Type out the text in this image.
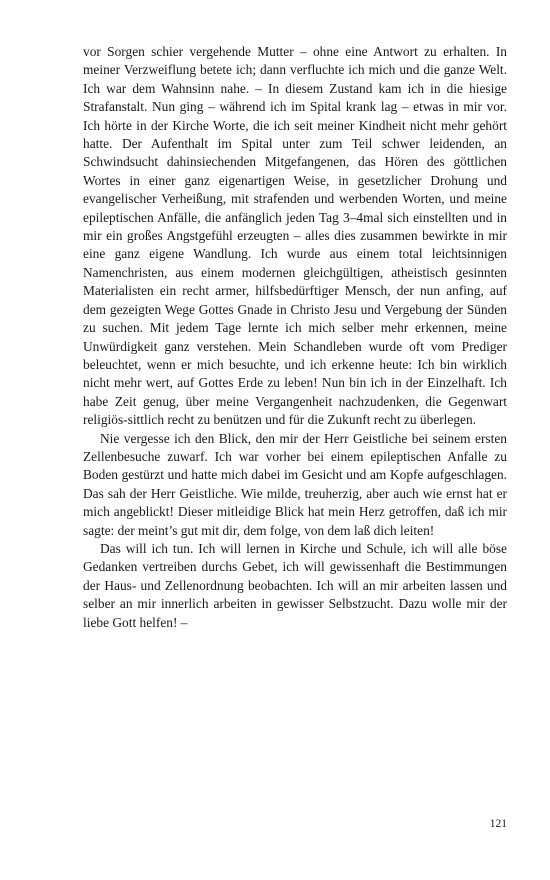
vor Sorgen schier vergehende Mutter – ohne eine Antwort zu erhalten. In meiner Verzweiflung betete ich; dann verfluchte ich mich und die ganze Welt. Ich war dem Wahnsinn nahe. – In diesem Zustand kam ich in die hiesige Strafanstalt. Nun ging – während ich im Spital krank lag – etwas in mir vor. Ich hörte in der Kirche Worte, die ich seit meiner Kindheit nicht mehr gehört hatte. Der Aufenthalt im Spital unter zum Teil schwer leidenden, an Schwindsucht dahinsiechenden Mitgefangenen, das Hören des göttlichen Wortes in einer ganz eigenartigen Weise, in gesetzlicher Drohung und evangelischer Verheißung, mit strafenden und werbenden Worten, und meine epileptischen Anfälle, die anfänglich jeden Tag 3–4mal sich einstellten und in mir ein großes Angstgefühl erzeugten – alles dies zusammen bewirkte in mir eine ganz eigene Wandlung. Ich wurde aus einem total leichtsinnigen Namenchristen, aus einem modernen gleichgültigen, atheistisch gesinnten Materialisten ein recht armer, hilfsbedürftiger Mensch, der nun anfing, auf dem gezeigten Wege Gottes Gnade in Christo Jesu und Vergebung der Sünden zu suchen. Mit jedem Tage lernte ich mich selber mehr erkennen, meine Unwürdigkeit ganz verstehen. Mein Schandleben wurde oft vom Prediger beleuchtet, wenn er mich besuchte, und ich erkenne heute: Ich bin wirklich nicht mehr wert, auf Gottes Erde zu leben! Nun bin ich in der Einzelhaft. Ich habe Zeit genug, über meine Vergangenheit nachzudenken, die Gegenwart religiös-sittlich recht zu benützen und für die Zukunft recht zu überlegen.

Nie vergesse ich den Blick, den mir der Herr Geistliche bei seinem ersten Zellenbesuche zuwarf. Ich war vorher bei einem epileptischen Anfalle zu Boden gestürzt und hatte mich dabei im Gesicht und am Kopfe aufgeschlagen. Das sah der Herr Geistliche. Wie milde, treuherzig, aber auch wie ernst hat er mich angeblickt! Dieser mitleidige Blick hat mein Herz getroffen, daß ich mir sagte: der meint’s gut mit dir, dem folge, von dem laß dich leiten!

Das will ich tun. Ich will lernen in Kirche und Schule, ich will alle böse Gedanken vertreiben durchs Gebet, ich will gewissenhaft die Bestimmungen der Haus- und Zellenordnung beobachten. Ich will an mir arbeiten lassen und selber an mir innerlich arbeiten in gewisser Selbstzucht. Dazu wolle mir der liebe Gott helfen! –

121
